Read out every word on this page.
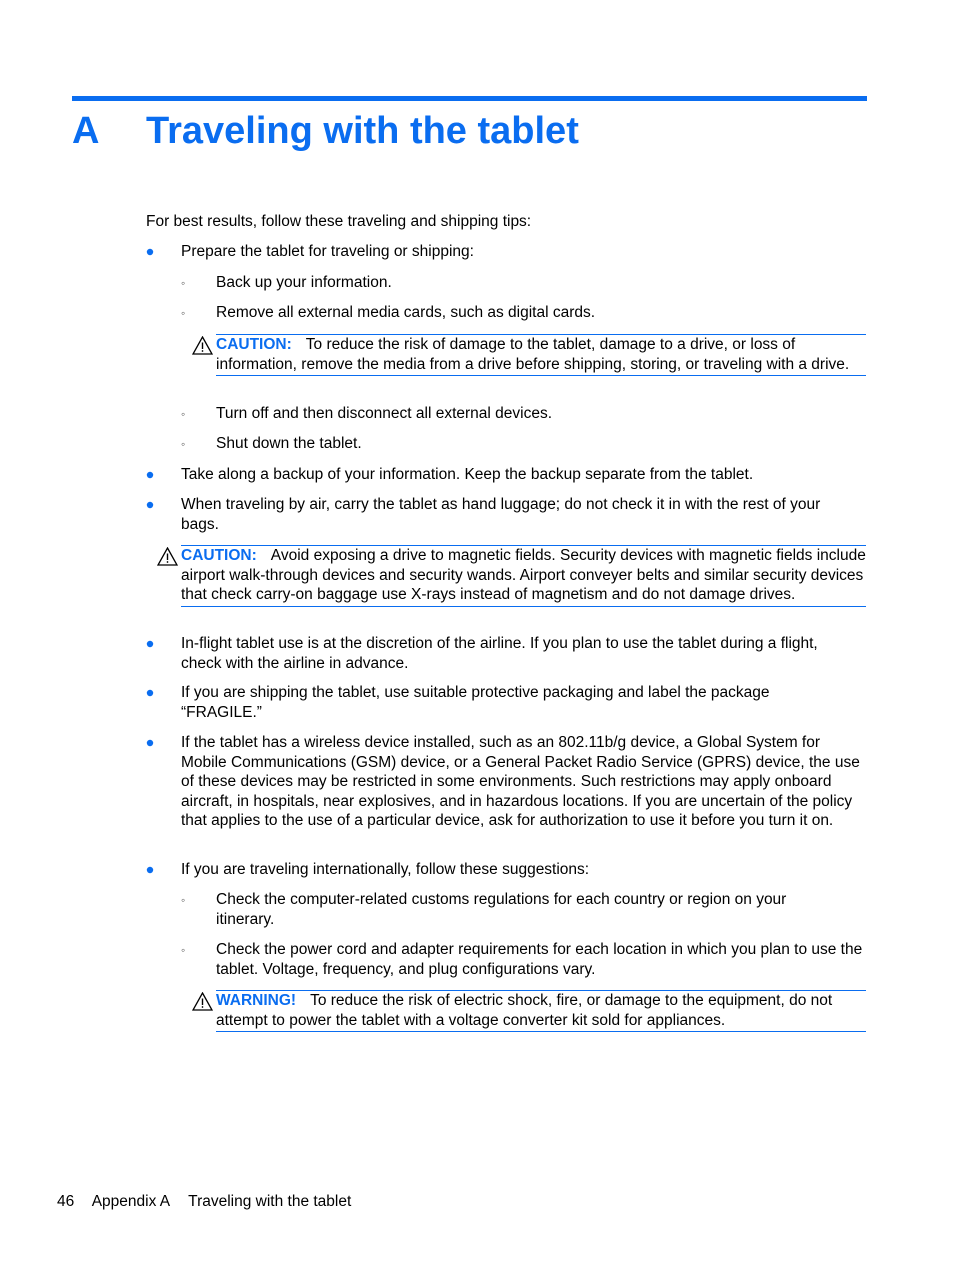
A Traveling with the tablet
For best results, follow these traveling and shipping tips:
Prepare the tablet for traveling or shipping:
◦ Back up your information.
◦ Remove all external media cards, such as digital cards.
CAUTION: To reduce the risk of damage to the tablet, damage to a drive, or loss of information, remove the media from a drive before shipping, storing, or traveling with a drive.
◦ Turn off and then disconnect all external devices.
◦ Shut down the tablet.
Take along a backup of your information. Keep the backup separate from the tablet.
When traveling by air, carry the tablet as hand luggage; do not check it in with the rest of your bags.
CAUTION: Avoid exposing a drive to magnetic fields. Security devices with magnetic fields include airport walk-through devices and security wands. Airport conveyer belts and similar security devices that check carry-on baggage use X-rays instead of magnetism and do not damage drives.
In-flight tablet use is at the discretion of the airline. If you plan to use the tablet during a flight, check with the airline in advance.
If you are shipping the tablet, use suitable protective packaging and label the package “FRAGILE.”
If the tablet has a wireless device installed, such as an 802.11b/g device, a Global System for Mobile Communications (GSM) device, or a General Packet Radio Service (GPRS) device, the use of these devices may be restricted in some environments. Such restrictions may apply onboard aircraft, in hospitals, near explosives, and in hazardous locations. If you are uncertain of the policy that applies to the use of a particular device, ask for authorization to use it before you turn it on.
If you are traveling internationally, follow these suggestions:
◦ Check the computer-related customs regulations for each country or region on your itinerary.
◦ Check the power cord and adapter requirements for each location in which you plan to use the tablet. Voltage, frequency, and plug configurations vary.
WARNING! To reduce the risk of electric shock, fire, or damage to the equipment, do not attempt to power the tablet with a voltage converter kit sold for appliances.
46 Appendix A Traveling with the tablet
